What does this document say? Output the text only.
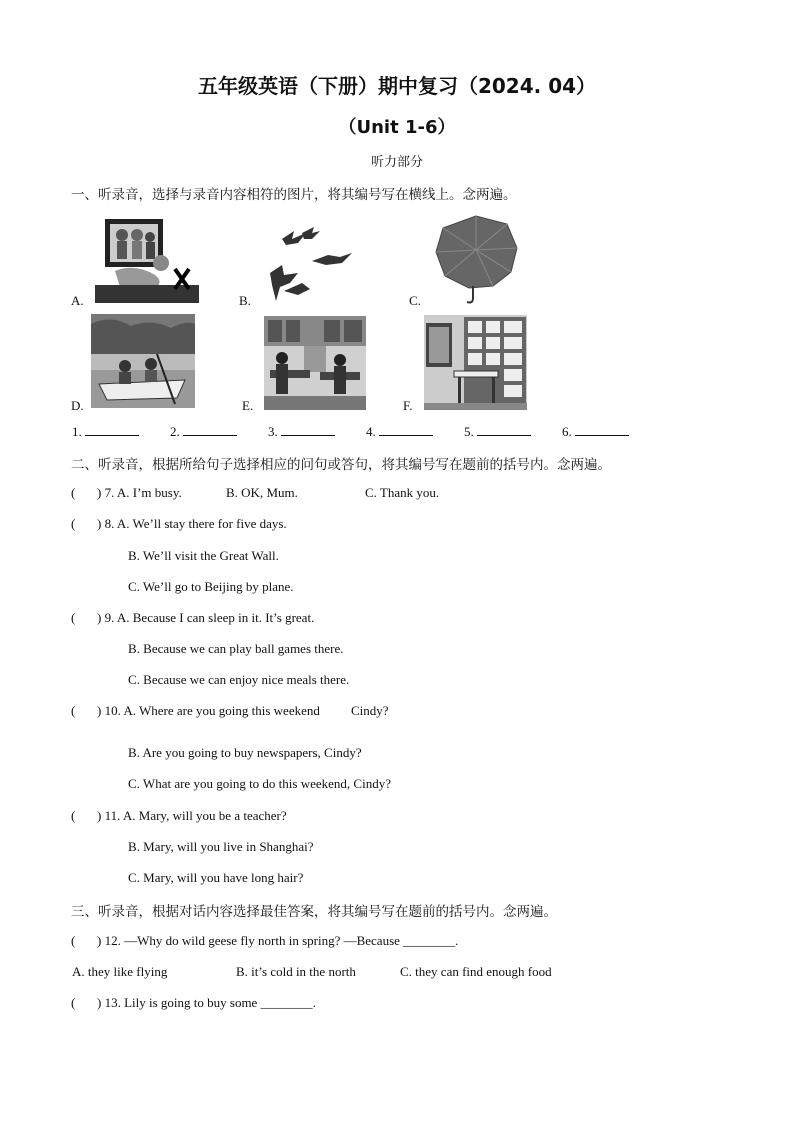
五年级英语（下册）期中复习（2024. 04）
（Unit 1-6）
听力部分
一、听录音，选择与录音内容相符的图片，将其编号写在横线上。念两遍。
A.	B.	C.
D.	E.	F.
1.	2.	3.	4.	5.	6.
二、听录音，根据所给句子选择相应的问句或答句，将其编号写在题前的括号内。念两遍。
( ) 7. A. I’m busy.	B. OK, Mum.	C. Thank you.
( ) 8. A. We’ll stay there for five days.
B. We’ll visit the Great Wall.
C. We’ll go to Beijing by plane.
( ) 9. A. Because I can sleep in it. It’s great.
B. Because we can play ball games there.
C. Because we can enjoy nice meals there.
( ) 10. A. Where are you going this weekend Cindy?
B. Are you going to buy newspapers, Cindy?
C. What are you going to do this weekend, Cindy?
( ) 11. A. Mary, will you be a teacher?
B. Mary, will you live in Shanghai?
C. Mary, will you have long hair?
三、听录音，根据对话内容选择最佳答案，将其编号写在题前的括号内。念两遍。
( ) 12. —Why do wild geese fly north in spring? —Because ________.
A. they like flying	B. it’s cold in the north	C. they can find enough food
( ) 13. Lily is going to buy some ________.
